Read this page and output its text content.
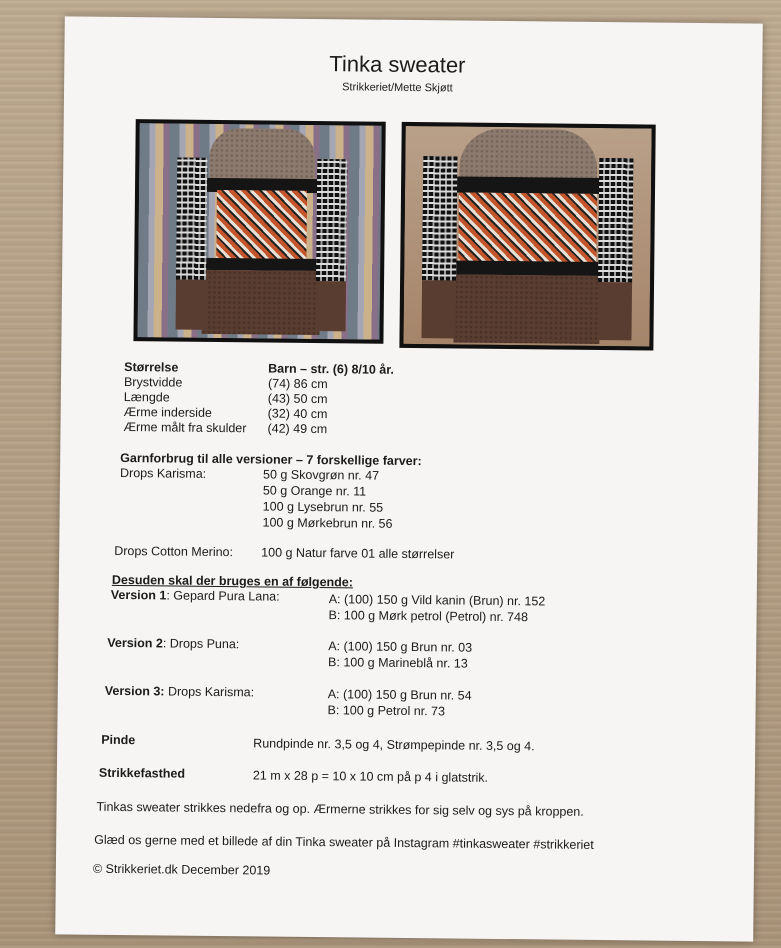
Tinka sweater
Strikkeriet/Mette Skjøtt
Størrelse	Barn – str. (6) 8/10 år.
Brystvidde	(74) 86 cm
Længde	(43) 50 cm
Ærme inderside	(32) 40 cm
Ærme målt fra skulder (42) 49 cm
Garnforbrug til alle versioner – 7 forskellige farver:
Drops Karisma:	50 g Skovgrøn nr. 47
50 g Orange nr. 11
100 g Lysebrun nr. 55
100 g Mørkebrun nr. 56
Drops Cotton Merino: 100 g Natur farve 01 alle størrelser
Desuden skal der bruges en af følgende:
Version 1: Gepard Pura Lana:	A: (100) 150 g Vild kanin (Brun) nr. 152
B: 100 g Mørk petrol (Petrol) nr. 748
Version 2: Drops Puna:	A: (100) 150 g Brun nr. 03
B: 100 g Marineblå nr. 13
Version 3: Drops Karisma:	A: (100) 150 g Brun nr. 54
B: 100 g Petrol nr. 73
Pinde	Rundpinde nr. 3,5 og 4, Strømpepinde nr. 3,5 og 4.
Strikkefasthed	21 m x 28 p = 10 x 10 cm på p 4 i glatstrik.
Tinkas sweater strikkes nedefra og op. Ærmerne strikkes for sig selv og sys på kroppen.
Glæd os gerne med et billede af din Tinka sweater på Instagram #tinkasweater #strikkeriet
© Strikkeriet.dk December 2019
